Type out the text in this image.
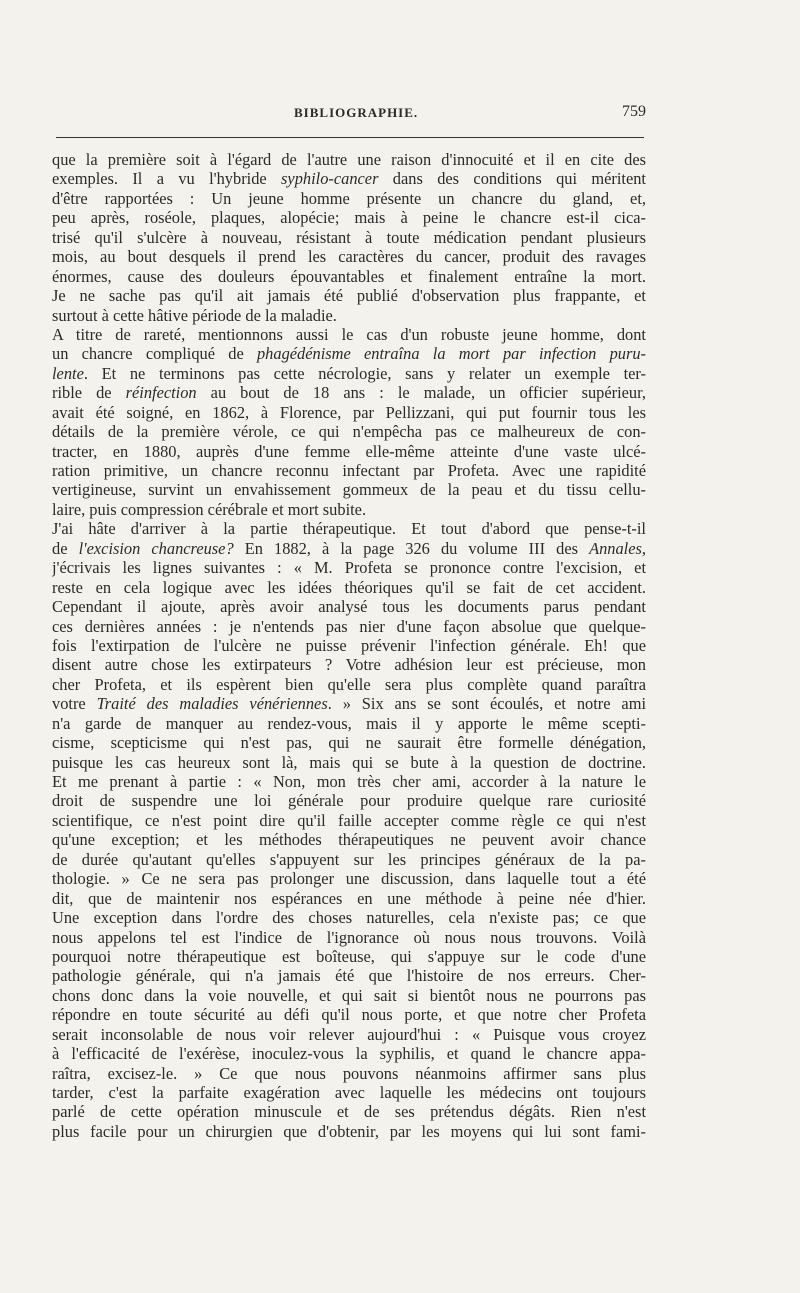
BIBLIOGRAPHIE.	759
que la première soit à l'égard de l'autre une raison d'innocuité et il en cite des
exemples. Il a vu l'hybride syphilo-cancer dans des conditions qui méritent
d'être rapportées : Un jeune homme présente un chancre du gland, et,
peu après, roséole, plaques, alopécie; mais à peine le chancre est-il cica-
trisé qu'il s'ulcère à nouveau, résistant à toute médication pendant plusieurs
mois, au bout desquels il prend les caractères du cancer, produit des ravages
énormes, cause des douleurs épouvantables et finalement entraîne la mort.
Je ne sache pas qu'il ait jamais été publié d'observation plus frappante, et
surtout à cette hâtive période de la maladie.
A titre de rareté, mentionnons aussi le cas d'un robuste jeune homme, dont
un chancre compliqué de phagédénisme entraîna la mort par infection puru-
lente. Et ne terminons pas cette nécrologie, sans y relater un exemple ter-
rible de réinfection au bout de 18 ans : le malade, un officier supérieur,
avait été soigné, en 1862, à Florence, par Pellizzani, qui put fournir tous les
détails de la première vérole, ce qui n'empêcha pas ce malheureux de con-
tracter, en 1880, auprès d'une femme elle-même atteinte d'une vaste ulcé-
ration primitive, un chancre reconnu infectant par Profeta. Avec une rapidité
vertigineuse, survint un envahissement gommeux de la peau et du tissu cellu-
laire, puis compression cérébrale et mort subite.
J'ai hâte d'arriver à la partie thérapeutique. Et tout d'abord que pense-t-il
de l'excision chancreuse? En 1882, à la page 326 du volume III des Annales,
j'écrivais les lignes suivantes : « M. Profeta se prononce contre l'excision, et
reste en cela logique avec les idées théoriques qu'il se fait de cet accident.
Cependant il ajoute, après avoir analysé tous les documents parus pendant
ces dernières années : je n'entends pas nier d'une façon absolue que quelque-
fois l'extirpation de l'ulcère ne puisse prévenir l'infection générale. Eh! que
disent autre chose les extirpateurs ? Votre adhésion leur est précieuse, mon
cher Profeta, et ils espèrent bien qu'elle sera plus complète quand paraîtra
votre Traité des maladies vénériennes. » Six ans se sont écoulés, et notre ami
n'a garde de manquer au rendez-vous, mais il y apporte le même scepti-
cisme, scepticisme qui n'est pas, qui ne saurait être formelle dénégation,
puisque les cas heureux sont là, mais qui se bute à la question de doctrine.
Et me prenant à partie : « Non, mon très cher ami, accorder à la nature le
droit de suspendre une loi générale pour produire quelque rare curiosité
scientifique, ce n'est point dire qu'il faille accepter comme règle ce qui n'est
qu'une exception; et les méthodes thérapeutiques ne peuvent avoir chance
de durée qu'autant qu'elles s'appuyent sur les principes généraux de la pa-
thologie. » Ce ne sera pas prolonger une discussion, dans laquelle tout a été
dit, que de maintenir nos espérances en une méthode à peine née d'hier.
Une exception dans l'ordre des choses naturelles, cela n'existe pas; ce que
nous appelons tel est l'indice de l'ignorance où nous nous trouvons. Voilà
pourquoi notre thérapeutique est boîteuse, qui s'appuye sur le code d'une
pathologie générale, qui n'a jamais été que l'histoire de nos erreurs. Cher-
chons donc dans la voie nouvelle, et qui sait si bientôt nous ne pourrons pas
répondre en toute sécurité au défi qu'il nous porte, et que notre cher Profeta
serait inconsolable de nous voir relever aujourd'hui : « Puisque vous croyez
à l'efficacité de l'exérèse, inoculez-vous la syphilis, et quand le chancre appa-
raîtra, excisez-le. » Ce que nous pouvons néanmoins affirmer sans plus
tarder, c'est la parfaite exagération avec laquelle les médecins ont toujours
parlé de cette opération minuscule et de ses prétendus dégâts. Rien n'est
plus facile pour un chirurgien que d'obtenir, par les moyens qui lui sont fami-
